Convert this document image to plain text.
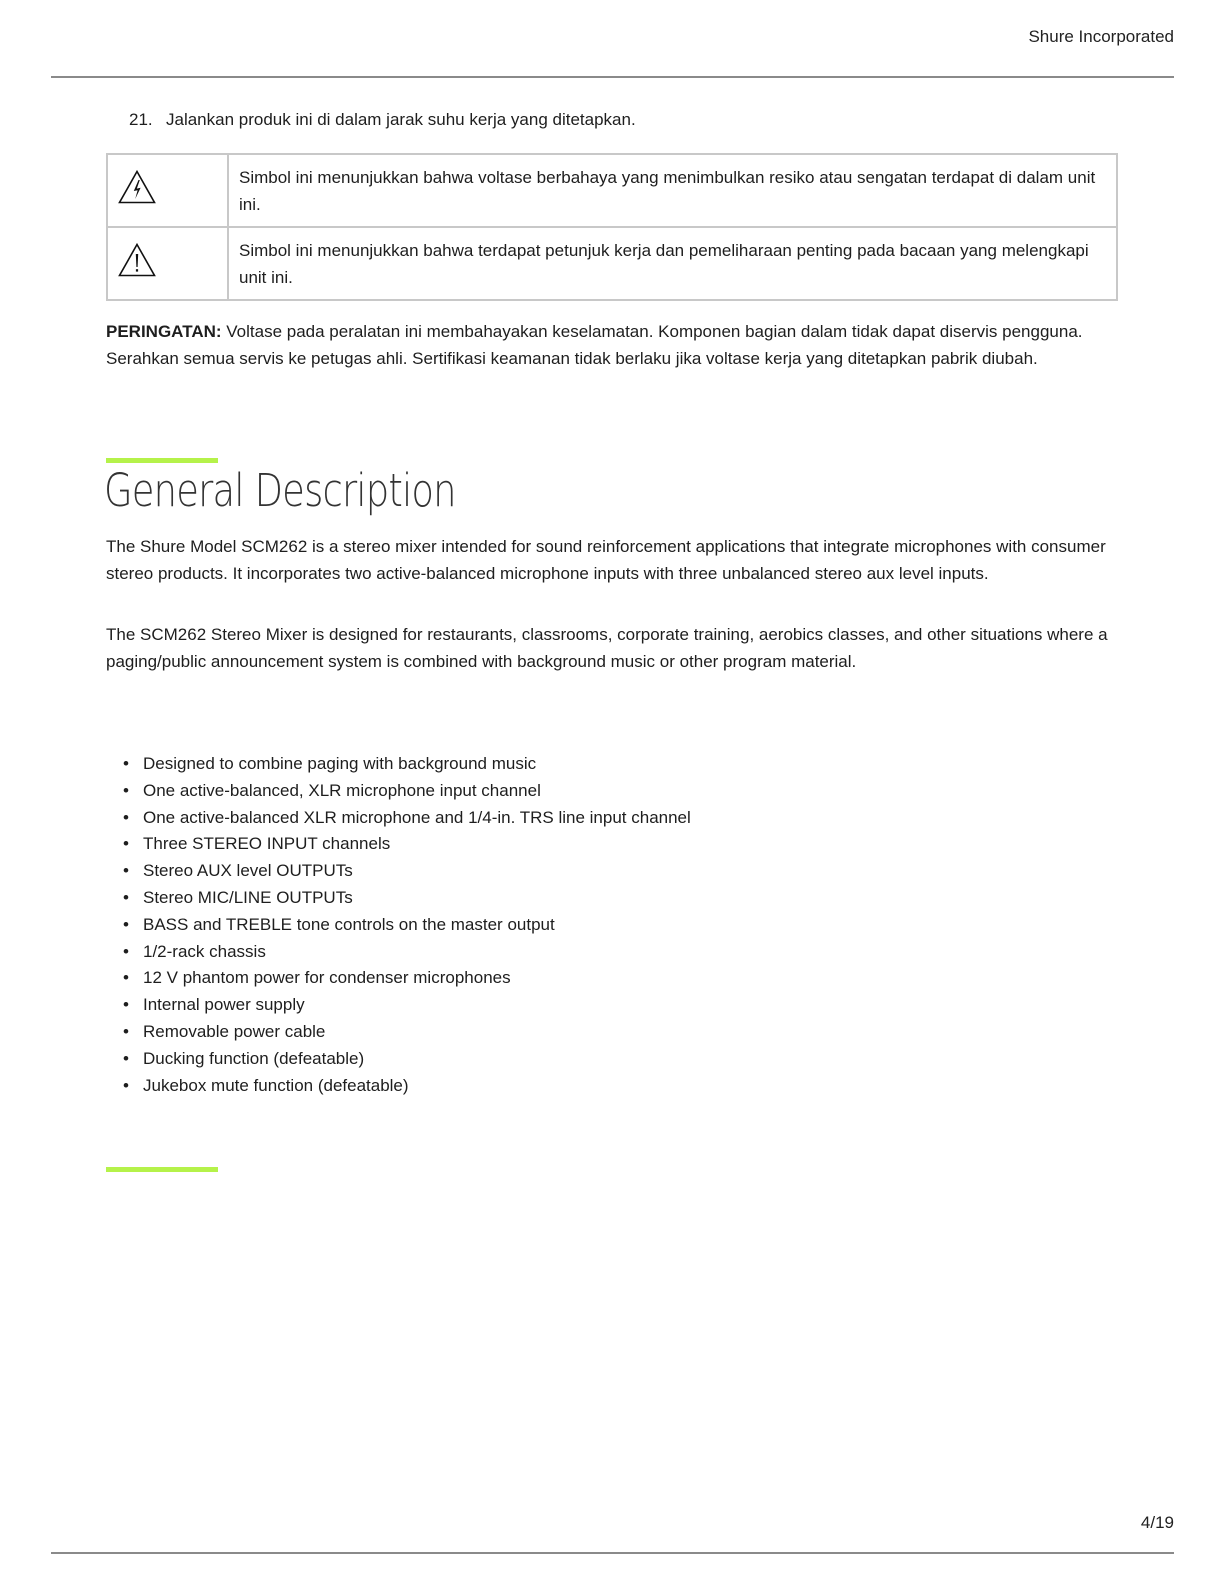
Shure Incorporated
21. Jalankan produk ini di dalam jarak suhu kerja yang ditetapkan.
	Simbol ini menunjukkan bahwa voltase berbahaya yang menimbulkan resiko atau sengatan terdapat di dalam unit ini.
	Simbol ini menunjukkan bahwa terdapat petunjuk kerja dan pemeliharaan penting pada bacaan yang melengkapi unit ini.
PERINGATAN: Voltase pada peralatan ini membahayakan keselamatan. Komponen bagian dalam tidak dapat diservis pengguna. Serahkan semua servis ke petugas ahli. Sertifikasi keamanan tidak berlaku jika voltase kerja yang ditetapkan pabrik diubah.
General Description

The Shure Model SCM262 is a stereo mixer intended for sound reinforcement applications that integrate microphones with consumer stereo products. It incorporates two active-balanced microphone inputs with three unbalanced stereo aux level inputs.

The SCM262 Stereo Mixer is designed for restaurants, classrooms, corporate training, aerobics classes, and other situations where a paging/public announcement system is combined with background music or other program material.

• Designed to combine paging with background music
• One active-balanced, XLR microphone input channel
• One active-balanced XLR microphone and 1/4-in. TRS line input channel
• Three STEREO INPUT channels
• Stereo AUX level OUTPUTs
• Stereo MIC/LINE OUTPUTs
• BASS and TREBLE tone controls on the master output
• 1/2-rack chassis
• 12 V phantom power for condenser microphones
• Internal power supply
• Removable power cable
• Ducking function (defeatable)
• Jukebox mute function (defeatable)
4/19
